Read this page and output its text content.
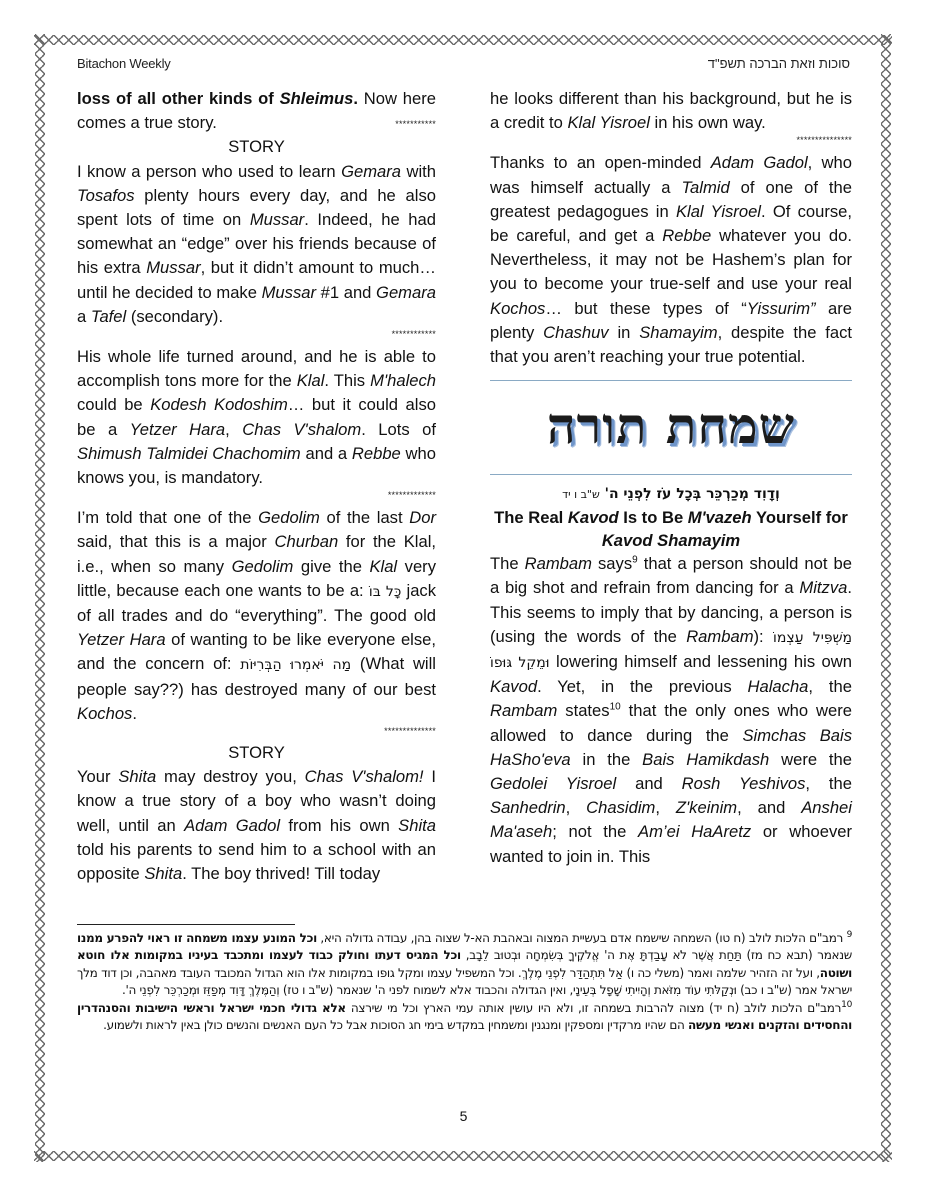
Bitachon Weekly	סוכות וזאת הברכה תשפ"ד

loss of all other kinds of Shleimus. Now here comes a true story.	***********

STORY

I know a person who used to learn Gemara with Tosafos plenty hours every day, and he also spent lots of time on Mussar. Indeed, he had somewhat an “edge” over his friends because of his extra Mussar, but it didn’t amount to much… until he decided to make Mussar #1 and Gemara a Tafel (secondary).

************

His whole life turned around, and he is able to accomplish tons more for the Klal. This M'halech could be Kodesh Kodoshim… but it could also be a Yetzer Hara, Chas V'shalom. Lots of Shimush Talmidei Chachomim and a Rebbe who knows you, is mandatory.

*************

I’m told that one of the Gedolim of the last Dor said, that this is a major Churban for the Klal, i.e., when so many Gedolim give the Klal very little, because each one wants to be a: כָּל בּוֹ jack of all trades and do “everything”. The good old Yetzer Hara of wanting to be like everyone else, and the concern of: מַה יֹּאמְרוּ הַבְּרִיּוֹת (What will people say??) has destroyed many of our best Kochos.

**************

STORY

Your Shita may destroy you, Chas V'shalom! I know a true story of a boy who wasn’t doing well, until an Adam Gadol from his own Shita told his parents to send him to a school with an opposite Shita. The boy thrived! Till today

he looks different than his background, but he is a credit to Klal Yisroel in his own way.

***************

Thanks to an open-minded Adam Gadol, who was himself actually a Talmid of one of the greatest pedagogues in Klal Yisroel. Of course, be careful, and get a Rebbe whatever you do. Nevertheless, it may not be Hashem’s plan for you to become your true-self and use your real Kochos… but these types of “Yissurim” are plenty Chashuv in Shamayim, despite the fact that you aren’t reaching your true potential.

שמחת תורה

וְדָוִד מְכַרְכֵּר בְּכָל עֹז לִפְנֵי ה' ש"ב ו יד

The Real Kavod Is to Be M'vazeh Yourself for Kavod Shamayim

The Rambam says$^9$ that a person should not be a big shot and refrain from dancing for a Mitzva. This seems to imply that by dancing, a person is (using the words of the Rambam): מַשְׁפִּיל עַצְמוֹ וּמֵקֵל גּוּפוֹ lowering himself and lessening his own Kavod. Yet, in the previous Halacha, the Rambam states$^{10}$ that the only ones who were allowed to dance during the Simchas Bais HaSho'eva in the Bais Hamikdash were the Gedolei Yisroel and Rosh Yeshivos, the Sanhedrin, Chasidim, Z'keinim, and Anshei Ma'aseh; not the Am’ei HaAretz or whoever wanted to join in. This

$^9$ רמב"ם הלכות לולב (ח טו) השמחה שישמח אדם בעשיית המצוה ובאהבת הא-ל שצוה בהן, עבודה גדולה היא, וכל המונע עצמו משמחה זו ראוי להפרע ממנו שנאמר (תבא כח מז) תַּחַת אֲשֶׁר לֹא עָבַדְתָּ אֶת ה' אֱלֹקֶיךָ בְּשִׂמְחָה וּבְטוּב לֵבָב, וכל המגיס דעתו וחולק כבוד לעצמו ומתכבד בעיניו במקומות אלו חוטא ושוטה, ועל זה הזהיר שלמה ואמר (משלי כה ו) אַל תִּתְהַדַּר לִפְנֵי מֶלֶךְ. וכל המשפיל עצמו ומקל גופו במקומות אלו הוא הגדול המכובד העובד מאהבה, וכן דוד מלך ישראל אמר (ש"ב ו כב) וּנְקַלֹּתִי עוֹד מִזֹּאת וְהָיִיתִי שָׁפָל בְּעֵינָי, ואין הגדולה והכבוד אלא לשמוח לפני ה' שנאמר (ש"ב ו טז) וְהַמֶּלֶךְ דָּוִד מְפַזֵּז וּמְכַרְכֵּר לִפְנֵי ה'.

$^{10}$רמב"ם הלכות לולב (ח יד) מצוה להרבות בשמחה זו, ולא היו עושין אותה עמי הארץ וכל מי שירצה אלא גדולי חכמי ישראל וראשי הישיבות והסנהדרין והחסידים והזקנים ואנשי מעשה הם שהיו מרקדין ומספקין ומנגנין ומשמחין במקדש בימי חג הסוכות אבל כל העם האנשים והנשים כולן באין לראות ולשמוע.

5
